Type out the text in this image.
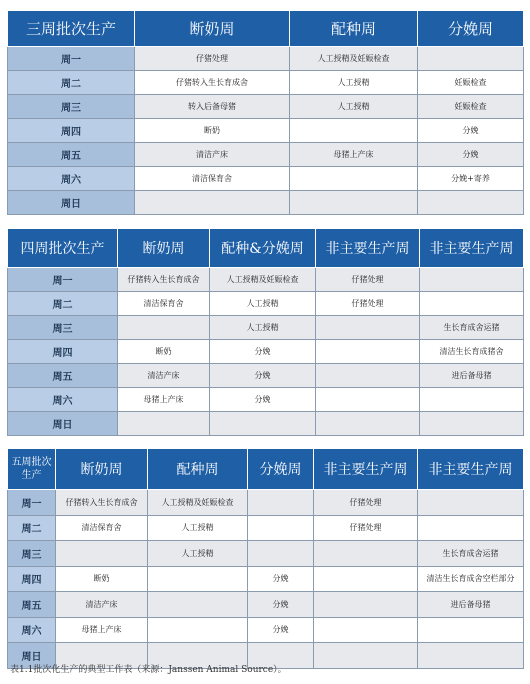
三周批次生产	断奶周	配种周	分娩周
周一	仔猪处理	人工授精及妊娠检查	
周二	仔猪转入生长育成舍	人工授精	妊娠检查
周三	转入后备母猪	人工授精	妊娠检查
周四	断奶		分娩
周五	清洁产床	母猪上产床	分娩
周六	清洁保育舍		分娩+寄养
周日			
四周批次生产	断奶周	配种&分娩周	非主要生产周	非主要生产周
周一	仔猪转入生长育成舍	人工授精及妊娠检查	仔猪处理	
周二	清洁保育舍	人工授精	仔猪处理	
周三		人工授精		生长育成舍运猪
周四	断奶	分娩		清洁生长育成猪舍
周五	清洁产床	分娩		进后备母猪
周六	母猪上产床	分娩		
周日				
五周批次生产	断奶周	配种周	分娩周	非主要生产周	非主要生产周
周一	仔猪转入生长育成舍	人工授精及妊娠检查		仔猪处理	
周二	清洁保育舍	人工授精		仔猪处理	
周三		人工授精			生长育成舍运猪
周四	断奶		分娩		清洁生长育成舍空栏部分
周五	清洁产床		分娩		进后备母猪
周六	母猪上产床		分娩		
周日					
表1.1批次化生产的典型工作表（来源：Janssen Animal Source）。
